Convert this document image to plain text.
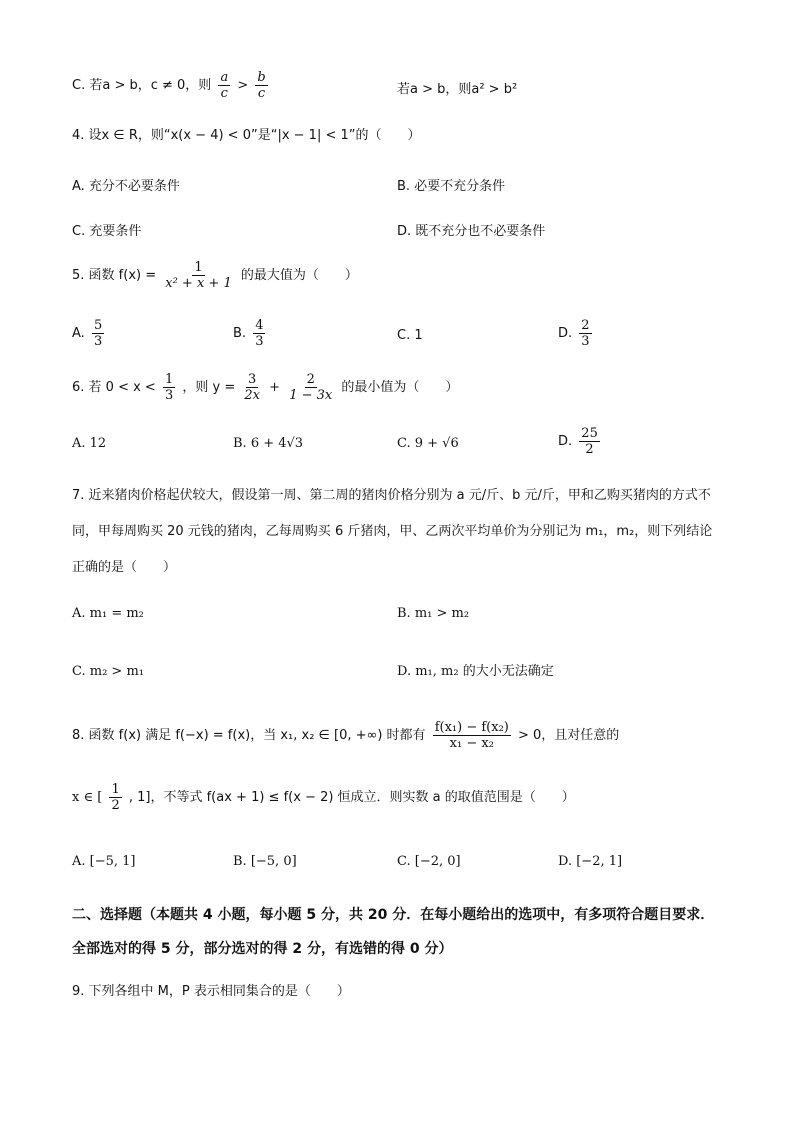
C. 若a > b，c ≠ 0，则 $\frac{a}{c} > \frac{b}{c}$	若a > b，则a² > b²
4. 设x ∈ R，则“x(x − 4) < 0”是“|x − 1| < 1”的（　　）
A. 充分不必要条件	B. 必要不充分条件
C. 充要条件	D. 既不充分也不必要条件
5. 函数 $f(x) = \frac{1}{\text{x² + x + 1}}$ 的最大值为（　　）
A. $\frac{5}{3}$	B. $\frac{4}{3}$	C. 1	D. $\frac{2}{3}$
6. 若 $0 < x < \frac{1}{3}$ ，则 $y = \frac{3}{2x} + \frac{2}{1 - 3x}$ 的最小值为（　　）
A. 12	B. 6 + 4√3	C. 9 + √6	D. $\frac{25}{2}$
7. 近来猪肉价格起伏较大，假设第一周、第二周的猪肉价格分别为 a 元/斤、b 元/斤，甲和乙购买猪肉的方式不同，甲每周购买 20 元钱的猪肉，乙每周购买 6 斤猪肉，甲、乙两次平均单价为分别记为 m₁，m₂，则下列结论正确的是（　　）
A. m₁ = m₂	B. m₁ > m₂
C. m₂ > m₁	D. m₁, m₂ 的大小无法确定
8. 函数 f(x) 满足 f(−x) = f(x)，当 x₁, x₂ ∈ [0, +∞) 时都有 $\frac{\text{f(x₁) − f(x₂)}}{\text{x₁ − x₂}} > 0$，且对任意的
x ∈ [ $\frac{1}{2}$ , 1]，不等式 f(ax + 1) ≤ f(x − 2) 恒成立．则实数 a 的取值范围是（　　）
A. [−5, 1]	B. [−5, 0]	C. [−2, 0]	D. [−2, 1]
二、选择题（本题共 4 小题，每小题 5 分，共 20 分．在每小题给出的选项中，有多项符合题目要求．全部选对的得 5 分，部分选对的得 2 分，有选错的得 0 分）
9. 下列各组中 M，P 表示相同集合的是（　　）
